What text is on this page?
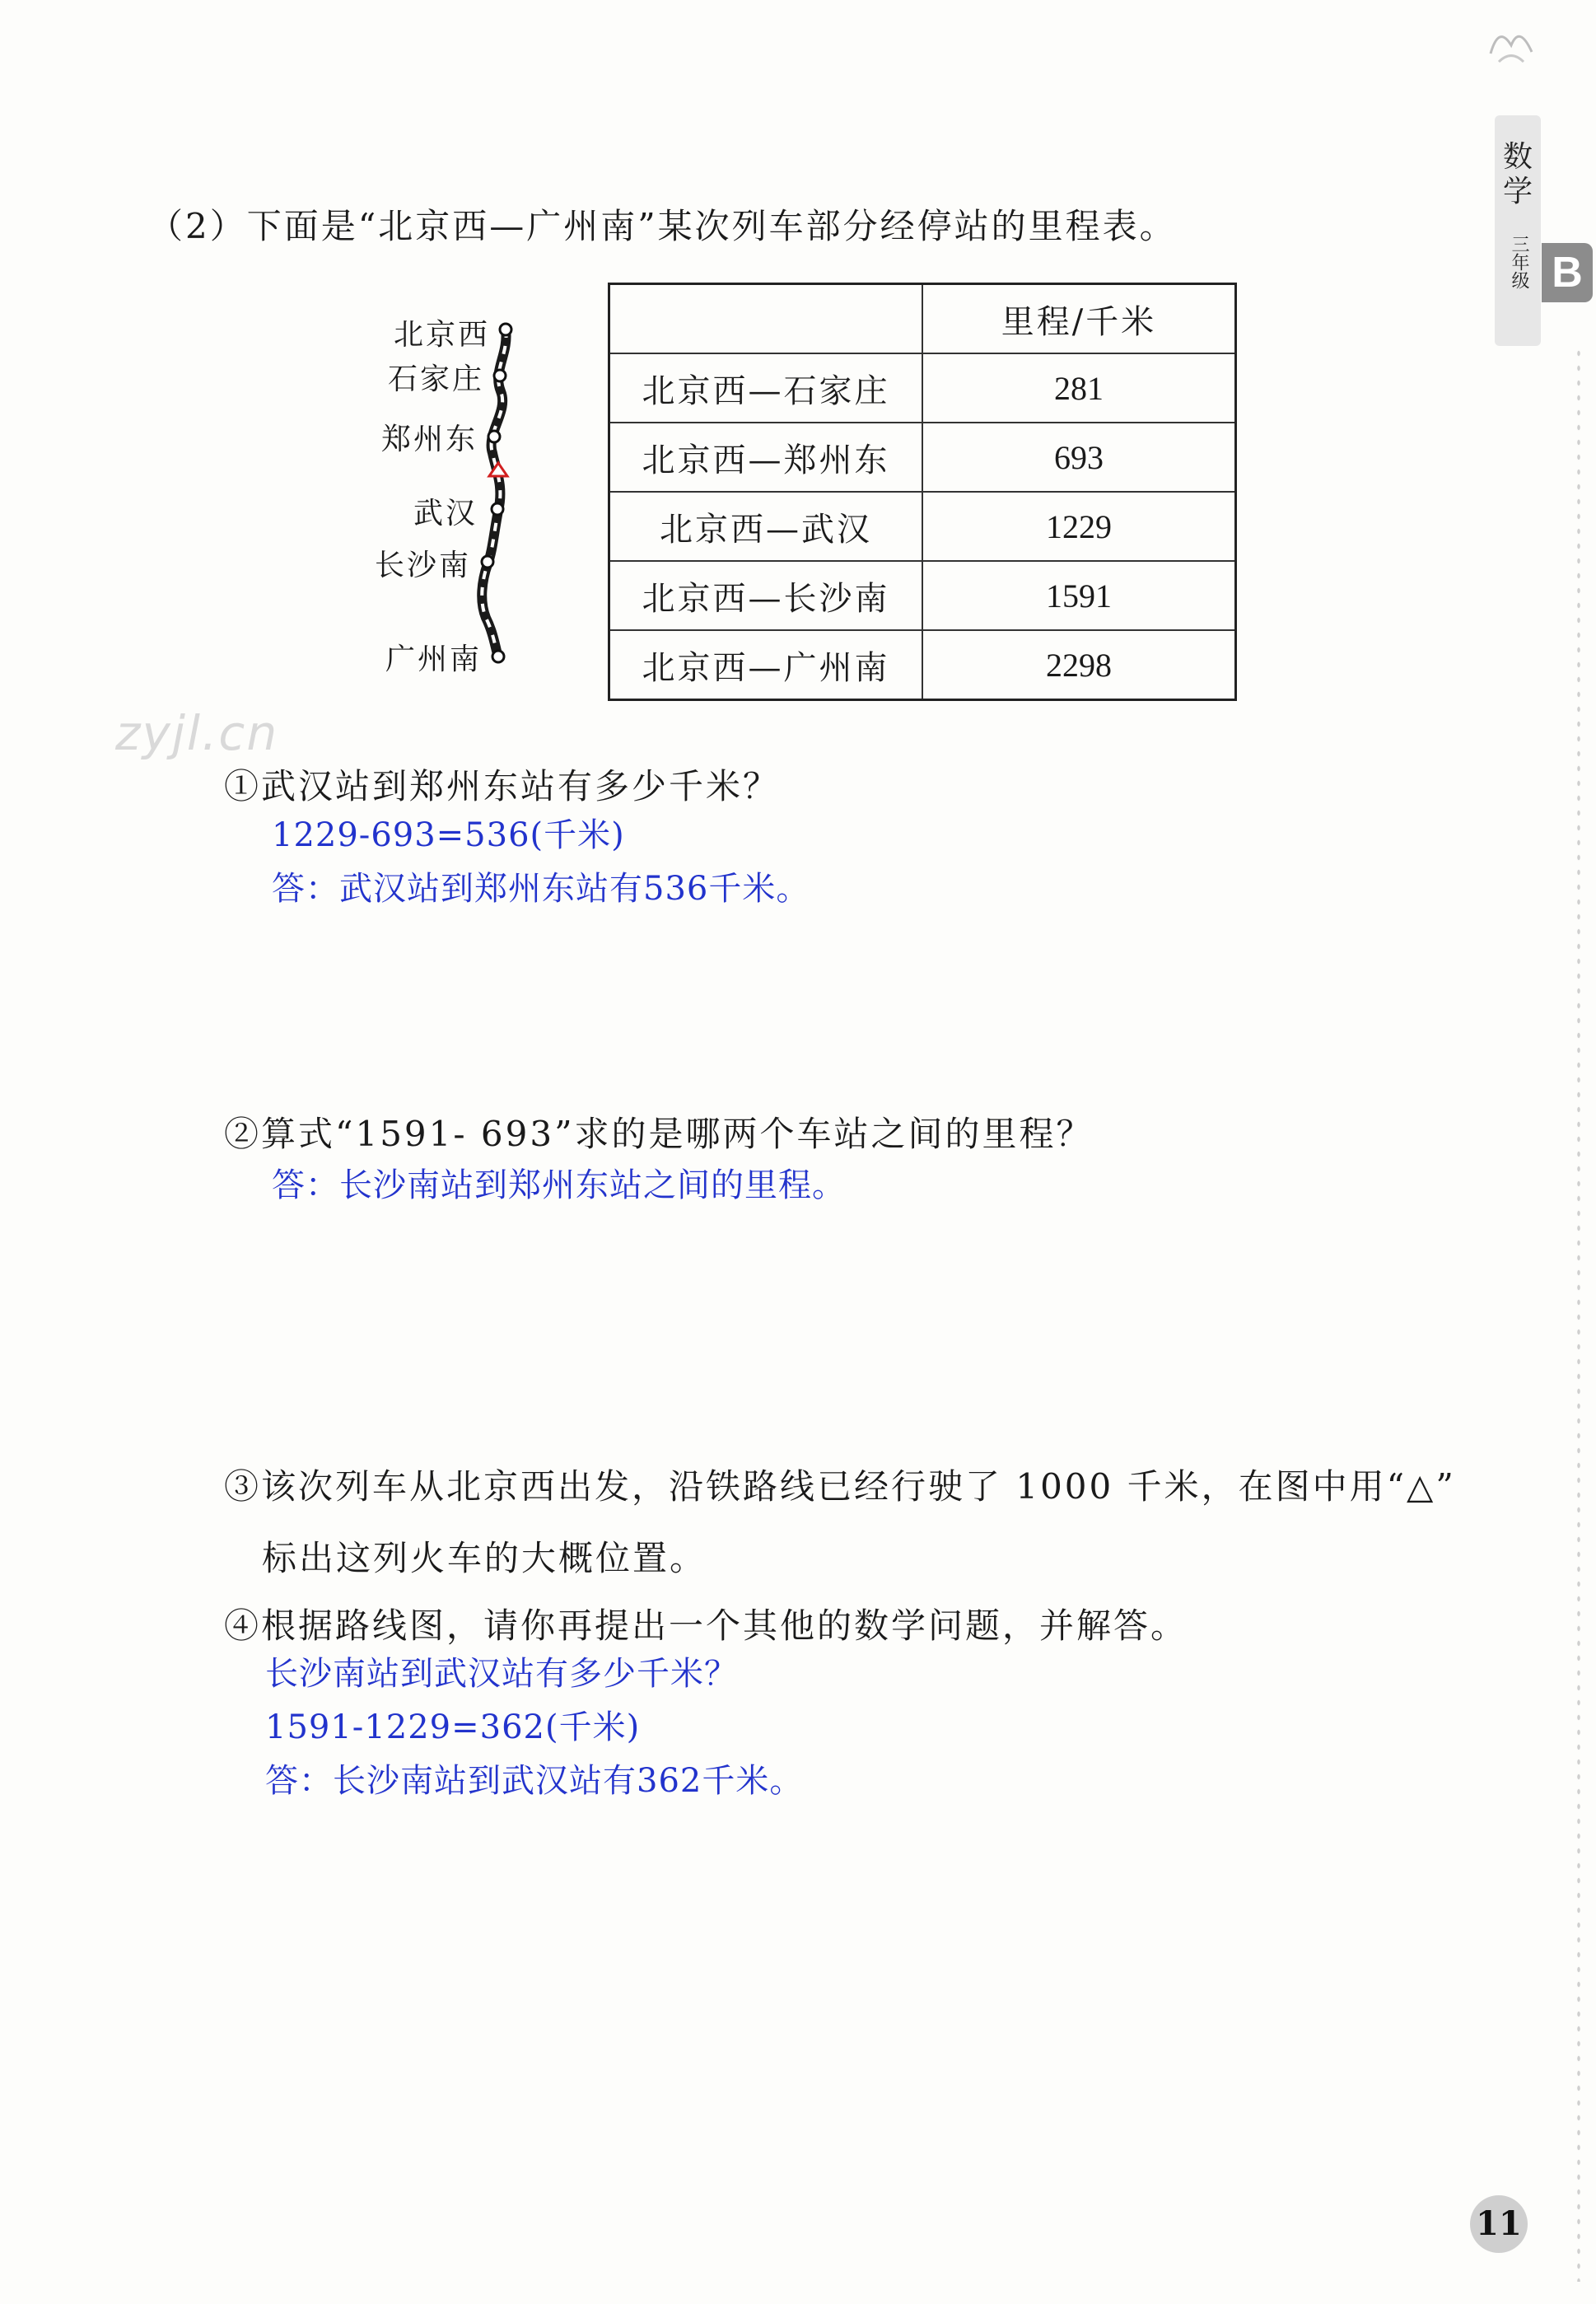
数学
三年级 B
（2）下面是“北京西—广州南”某次列车部分经停站的里程表。
北京西
石家庄
郑州东
武汉
长沙南
广州南
	里程/千米
北京西—石家庄	281
北京西—郑州东	693
北京西—武汉	1229
北京西—长沙南	1591
北京西—广州南	2298
zyjl.cn
①武汉站到郑州东站有多少千米？
1229-693=536(千米)
答：武汉站到郑州东站有536千米。
②算式“1591- 693”求的是哪两个车站之间的里程？
答：长沙南站到郑州东站之间的里程。
③该次列车从北京西出发，沿铁路线已经行驶了 1000 千米，在图中用“△”
标出这列火车的大概位置。
④根据路线图，请你再提出一个其他的数学问题，并解答。
长沙南站到武汉站有多少千米？
1591-1229=362(千米)
答：长沙南站到武汉站有362千米。
11
